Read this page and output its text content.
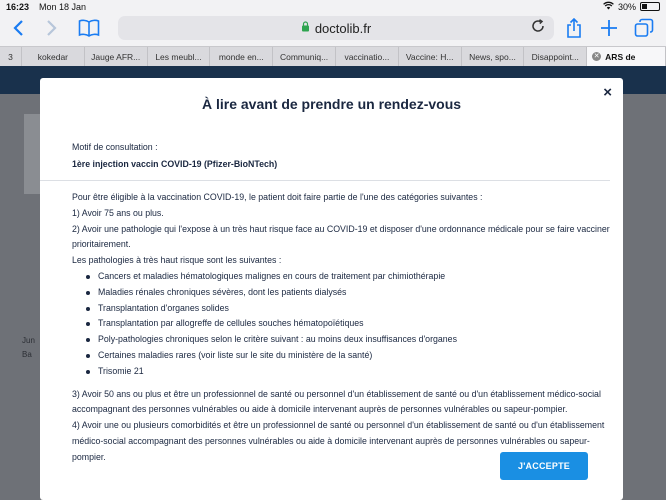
16:23 Mon 18 Jan	30%
doctolib.fr
3	kokedar	Jauge AFR... Les meubl... monde en... Communiq... vaccinatio... Vaccine: H... News, spo... Disappoint... ✕ ARS de
Jun
Ba
À lire avant de prendre un rendez-vous
×
Motif de consultation :
1ère injection vaccin COVID-19 (Pfizer-BioNTech)

Pour être éligible à la vaccination COVID-19, le patient doit faire partie de l'une des catégories suivantes :

1) Avoir 75 ans ou plus.

2) Avoir une pathologie qui l'expose à un très haut risque face au COVID-19 et disposer d'une ordonnance médicale pour se faire vacciner prioritairement.

Les pathologies à très haut risque sont les suivantes :

Cancers et maladies hématologiques malignes en cours de traitement par chimiothérapie
Maladies rénales chroniques sévères, dont les patients dialysés
Transplantation d'organes solides
Transplantation par allogreffe de cellules souches hématopoïétiques
Poly-pathologies chroniques selon le critère suivant : au moins deux insuffisances d'organes
Certaines maladies rares (voir liste sur le site du ministère de la santé)
Trisomie 21

3) Avoir 50 ans ou plus et être un professionnel de santé ou personnel d'un établissement de santé ou d'un établissement médico-social accompagnant des personnes vulnérables ou aide à domicile intervenant auprès de personnes vulnérables ou sapeur-pompier.

4) Avoir une ou plusieurs comorbidités et être un professionnel de santé ou personnel d'un établissement de santé ou d'un établissement médico-social accompagnant des personnes vulnérables ou aide à domicile intervenant auprès de personnes vulnérables ou sapeur-pompier.

J'ACCEPTE
